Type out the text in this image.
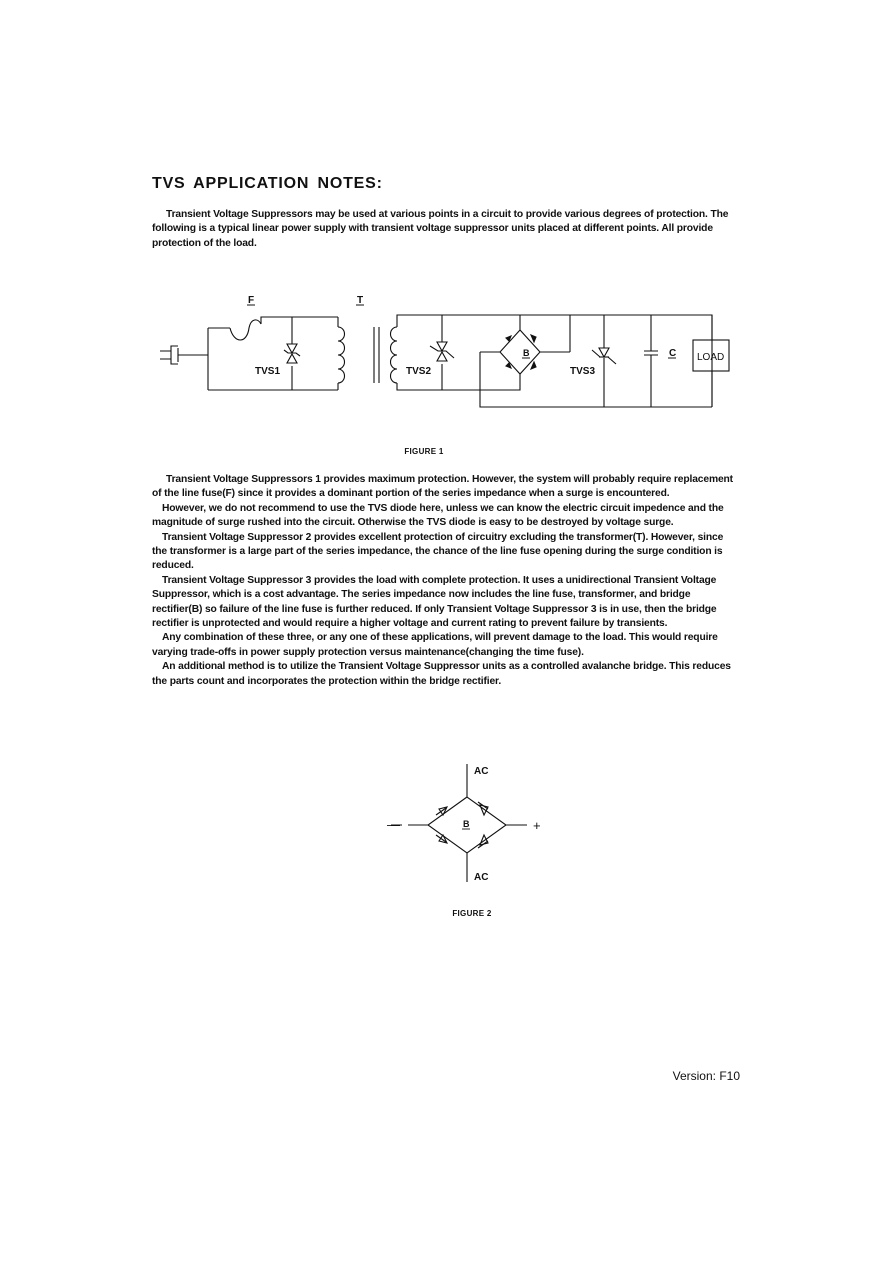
TVS APPLICATION NOTES:

Transient Voltage Suppressors may be used at various points in a circuit to provide various degrees of protection. The following is a typical linear power supply with transient voltage suppressor units placed at different points. All provide protection of the load.

F	T
TVS1	TVS2
B
TVS3
C LOAD
FIGURE 1

Transient Voltage Suppressors 1 provides maximum protection. However, the system will probably require replacement of the line fuse(F) since it provides a dominant portion of the series impedance when a surge is encountered.

However, we do not recommend to use the TVS diode here, unless we can know the electric circuit impedence and the magnitude of surge rushed into the circuit. Otherwise the TVS diode is easy to be destroyed by voltage surge.

Transient Voltage Suppressor 2 provides excellent protection of circuitry excluding the transformer(T). However, since the transformer is a large part of the series impedance, the chance of the line fuse opening during the surge condition is reduced.

Transient Voltage Suppressor 3 provides the load with complete protection. It uses a unidirectional Transient Voltage Suppressor, which is a cost advantage. The series impedance now includes the line fuse, transformer, and bridge rectifier(B) so failure of the line fuse is further reduced. If only Transient Voltage Suppressor 3 is in use, then the bridge rectifier is unprotected and would require a higher voltage and current rating to prevent failure by transients.

Any combination of these three, or any one of these applications, will prevent damage to the load. This would require varying trade-offs in power supply protection versus maintenance(changing the time fuse).

An additional method is to utilize the Transient Voltage Suppressor units as a controlled avalanche bridge. This reduces the parts count and incorporates the protection within the bridge rectifier.

AC
AC
B
—	+
FIGURE 2
Version: F10
